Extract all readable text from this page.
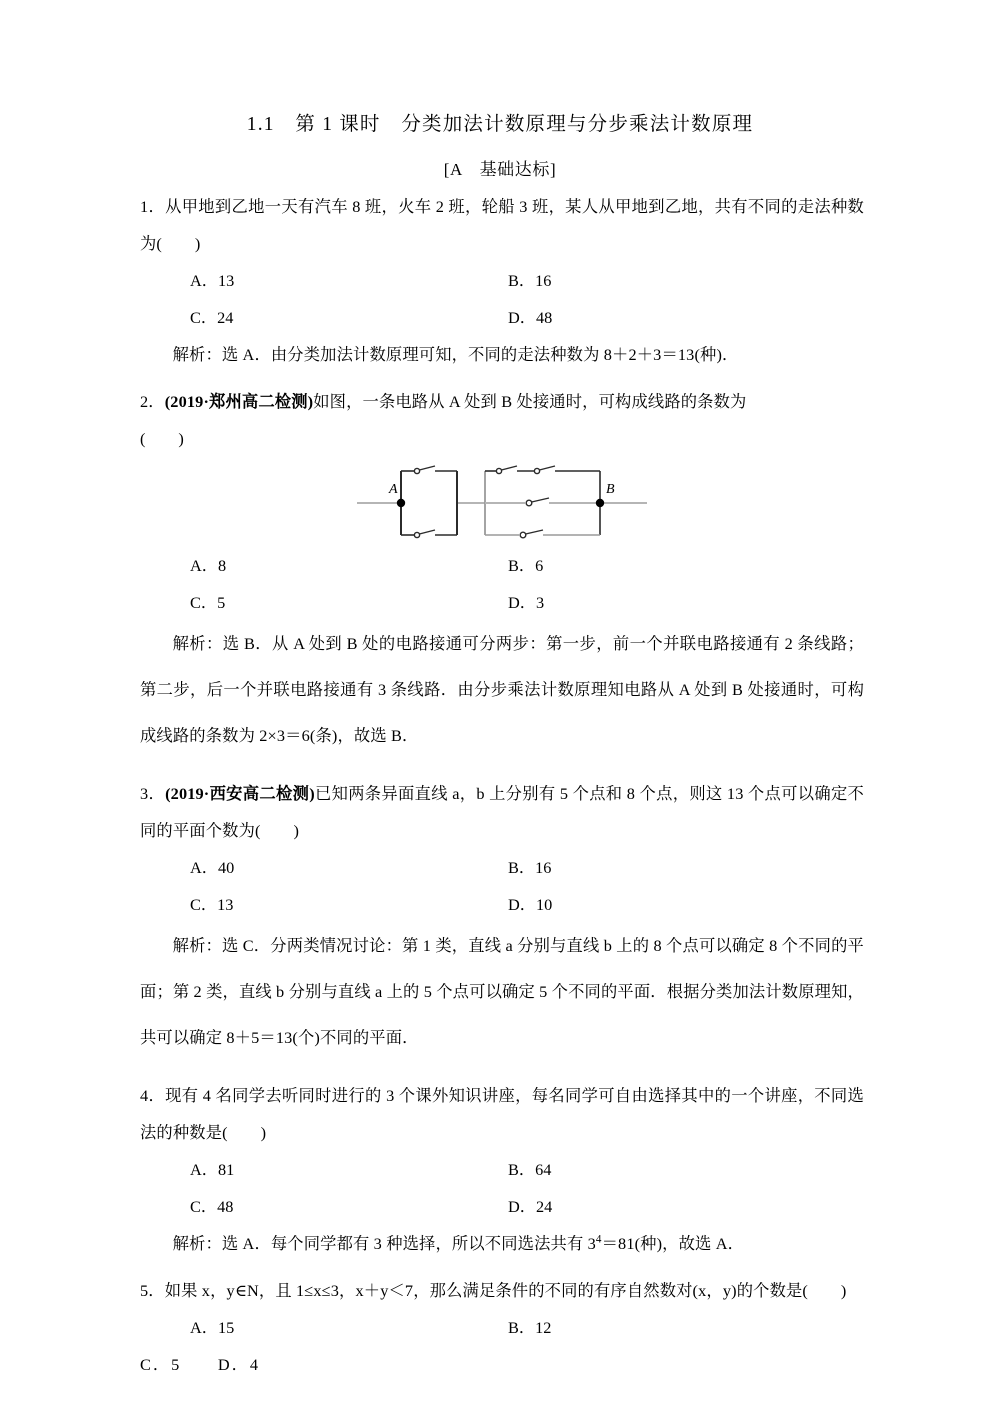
1.1　第 1 课时　分类加法计数原理与分步乘法计数原理
[A　基础达标]

1．从甲地到乙地一天有汽车 8 班，火车 2 班，轮船 3 班，某人从甲地到乙地，共有不同的走法种数为(　　)

A．13	B．16
C．24	D．48

解析：选 A．由分类加法计数原理可知，不同的走法种数为 8＋2＋3＝13(种)．

2．(2019·郑州高二检测)如图，一条电路从 A 处到 B 处接通时，可构成线路的条数为

(　　)

A	B
A．8	B．6
C．5	D．3

解析：选 B．从 A 处到 B 处的电路接通可分两步：第一步，前一个并联电路接通有 2 条线路；第二步，后一个并联电路接通有 3 条线路．由分步乘法计数原理知电路从 A 处到 B 处接通时，可构成线路的条数为 2×3＝6(条)，故选 B．

3．(2019·西安高二检测)已知两条异面直线 a，b 上分别有 5 个点和 8 个点，则这 13 个点可以确定不同的平面个数为(　　)

A．40	B．16
C．13	D．10

解析：选 C．分两类情况讨论：第 1 类，直线 a 分别与直线 b 上的 8 个点可以确定 8 个不同的平面；第 2 类，直线 b 分别与直线 a 上的 5 个点可以确定 5 个不同的平面．根据分类加法计数原理知，共可以确定 8＋5＝13(个)不同的平面．

4．现有 4 名同学去听同时进行的 3 个课外知识讲座，每名同学可自由选择其中的一个讲座，不同选法的种数是(　　)

A．81	B．64
C．48	D．24

解析：选 A．每个同学都有 3 种选择，所以不同选法共有 $3^4=81$(种)，故选 A．

5．如果 x，y∈N，且 1≤x≤3，x＋y＜7，那么满足条件的不同的有序自然数对(x，y)的个数是(　　)

A．15	B．12
C．5　　D．4
